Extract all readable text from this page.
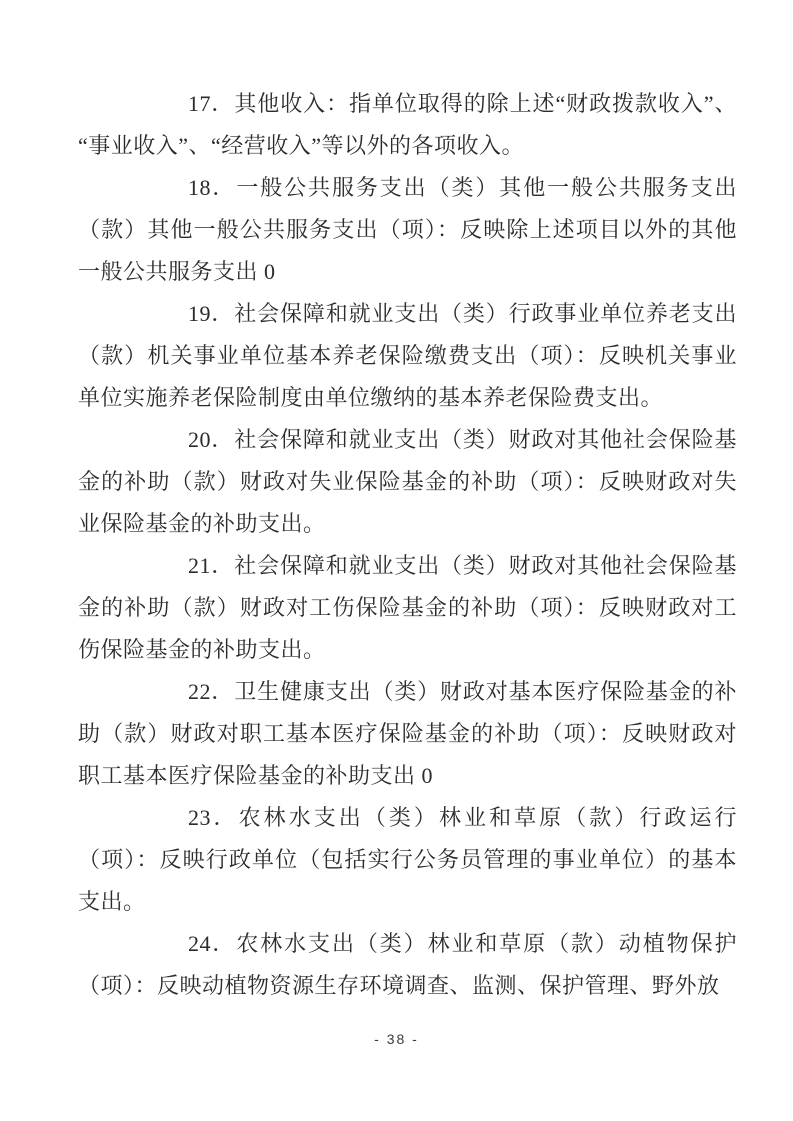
17．其他收入：指单位取得的除上述“财政拨款收入”、“事业收入”、“经营收入”等以外的各项收入。

18．一般公共服务支出（类）其他一般公共服务支出（款）其他一般公共服务支出（项）：反映除上述项目以外的其他一般公共服务支出 0

19．社会保障和就业支出（类）行政事业单位养老支出（款）机关事业单位基本养老保险缴费支出（项）：反映机关事业单位实施养老保险制度由单位缴纳的基本养老保险费支出。

20．社会保障和就业支出（类）财政对其他社会保险基金的补助（款）财政对失业保险基金的补助（项）：反映财政对失业保险基金的补助支出。

21．社会保障和就业支出（类）财政对其他社会保险基金的补助（款）财政对工伤保险基金的补助（项）：反映财政对工伤保险基金的补助支出。

22．卫生健康支出（类）财政对基本医疗保险基金的补助（款）财政对职工基本医疗保险基金的补助（项）：反映财政对职工基本医疗保险基金的补助支出 0

23．农林水支出（类）林业和草原（款）行政运行（项）：反映行政单位（包括实行公务员管理的事业单位）的基本支出。

24．农林水支出（类）林业和草原（款）动植物保护（项）：反映动植物资源生存环境调查、监测、保护管理、野外放

- 38 -
